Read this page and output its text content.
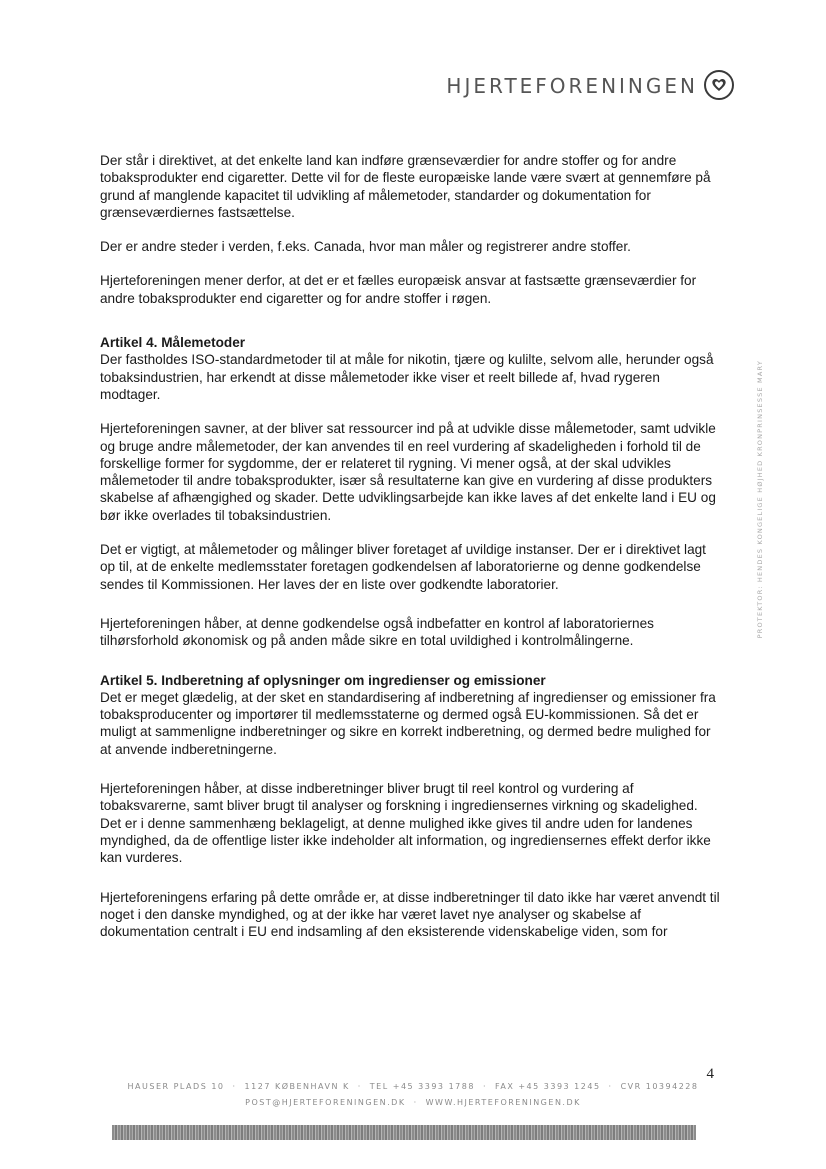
HJERTEFORENINGEN

Der står i direktivet, at det enkelte land kan indføre grænseværdier for andre stoffer og for andre tobaksprodukter end cigaretter. Dette vil for de fleste europæiske lande være svært at gennemføre på grund af manglende kapacitet til udvikling af målemetoder, standarder og dokumentation for grænseværdiernes fastsættelse.

Der er andre steder i verden, f.eks. Canada, hvor man måler og registrerer andre stoffer.

Hjerteforeningen mener derfor, at det er et fælles europæisk ansvar at fastsætte grænseværdier for andre tobaksprodukter end cigaretter og for andre stoffer i røgen.

Artikel 4. Målemetoder

Der fastholdes ISO-standardmetoder til at måle for nikotin, tjære og kulilte, selvom alle, herunder også tobaksindustrien, har erkendt at disse målemetoder ikke viser et reelt billede af, hvad rygeren modtager.

Hjerteforeningen savner, at der bliver sat ressourcer ind på at udvikle disse målemetoder, samt udvikle og bruge andre målemetoder, der kan anvendes til en reel vurdering af skadeligheden i forhold til de forskellige former for sygdomme, der er relateret til rygning. Vi mener også, at der skal udvikles målemetoder til andre tobaksprodukter, især så resultaterne kan give en vurdering af disse produkters skabelse af afhængighed og skader. Dette udviklingsarbejde kan ikke laves af det enkelte land i EU og bør ikke overlades til tobaksindustrien.

Det er vigtigt, at målemetoder og målinger bliver foretaget af uvildige instanser. Der er i direktivet lagt op til, at de enkelte medlemsstater foretagen godkendelsen af laboratorierne og denne godkendelse sendes til Kommissionen. Her laves der en liste over godkendte laboratorier.

Hjerteforeningen håber, at denne godkendelse også indbefatter en kontrol af laboratoriernes tilhørsforhold økonomisk og på anden måde sikre en total uvildighed i kontrolmålingerne.

Artikel 5. Indberetning af oplysninger om ingredienser og emissioner

Det er meget glædelig, at der sket en standardisering af indberetning af ingredienser og emissioner fra tobaksproducenter og importører til medlemsstaterne og dermed også EU-kommissionen. Så det er muligt at sammenligne indberetninger og sikre en korrekt indberetning, og dermed bedre mulighed for at anvende indberetningerne.

Hjerteforeningen håber, at disse indberetninger bliver brugt til reel kontrol og vurdering af tobaksvarerne, samt bliver brugt til analyser og forskning i ingrediensernes virkning og skadelighed. Det er i denne sammenhæng beklageligt, at denne mulighed ikke gives til andre uden for landenes myndighed, da de offentlige lister ikke indeholder alt information, og ingrediensernes effekt derfor ikke kan vurderes.

Hjerteforeningens erfaring på dette område er, at disse indberetninger til dato ikke har været anvendt til noget i den danske myndighed, og at der ikke har været lavet nye analyser og skabelse af dokumentation centralt i EU end indsamling af den eksisterende videnskabelige viden, som for

PROTEKTOR: HENDES KONGELIGE HØJHED KRONPRINSESSE MARY
4
HAUSER PLADS 10 · 1127 KØBENHAVN K · TEL +45 3393 1788 · FAX +45 3393 1245 · CVR 10394228
POST@HJERTEFORENINGEN.DK · WWW.HJERTEFORENINGEN.DK
